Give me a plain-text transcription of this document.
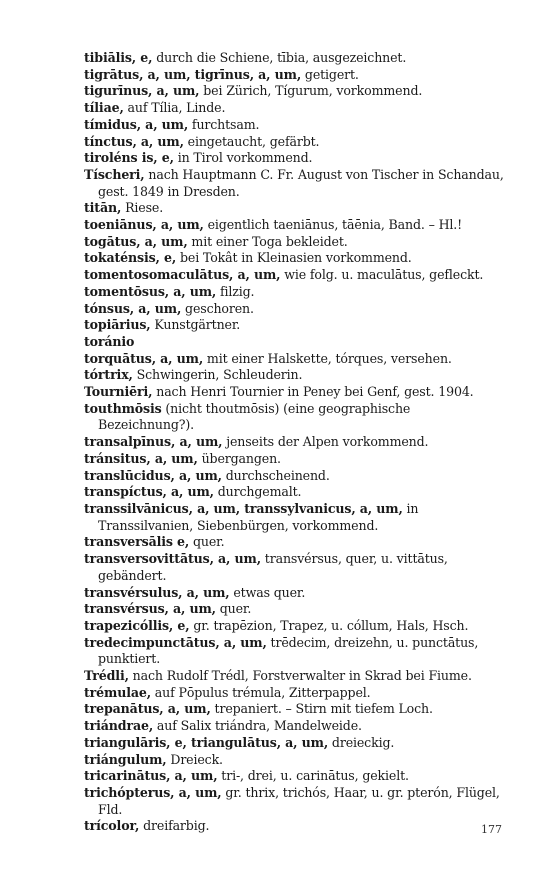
tibiālis, e, durch die Schiene, tībia, ausgezeichnet.

tigrātus, a, um, tigrīnus, a, um, getigert.

tigurīnus, a, um, bei Zürich, Tígurum, vorkommend.

tíliae, auf Tília, Linde.

tímidus, a, um, furchtsam.

tínctus, a, um, eingetaucht, gefärbt.

tiroléns is, e, in Tirol vorkommend.

Tíscheri, nach Hauptmann C. Fr. August von Tischer in Schandau, gest. 1849 in Dresden.

titān, Riese.

toeniānus, a, um, eigentlich taeniānus, tāēnia, Band. – Hl.!

togātus, a, um, mit einer Toga bekleidet.

tokaténsis, e, bei Tokât in Kleinasien vorkommend.

tomentosomaculātus, a, um, wie folg. u. maculātus, gefleckt.

tomentōsus, a, um, filzig.

tónsus, a, um, geschoren.

topiārius, Kunstgärtner.

toránio

torquātus, a, um, mit einer Halskette, tórques, versehen.

tórtrix, Schwingerin, Schleuderin.

Tourniēri, nach Henri Tournier in Peney bei Genf, gest. 1904.

touthmōsis (nicht thoutmōsis) (eine geographische Bezeichnung?).

transalpīnus, a, um, jenseits der Alpen vorkommend.

tránsitus, a, um, übergangen.

translūcidus, a, um, durchscheinend.

transpíctus, a, um, durchgemalt.

transsilvānicus, a, um, transsylvanicus, a, um, in Transsilvanien, Siebenbürgen, vorkommend.

transversālis e, quer.

transversovittātus, a, um, transvérsus, quer, u. vittātus, gebändert.

transvérsulus, a, um, etwas quer.

transvérsus, a, um, quer.

trapezicóllis, e, gr. trapēzion, Trapez, u. cóllum, Hals, Hsch.

tredecimpunctātus, a, um, trēdecim, dreizehn, u. punctātus, punktiert.

Trédli, nach Rudolf Trédl, Forstverwalter in Skrad bei Fiume.

trémulae, auf Pōpulus trémula, Zitterpappel.

trepanātus, a, um, trepaniert. – Stirn mit tiefem Loch.

triándrae, auf Salix triándra, Mandelweide.

triangulāris, e, triangulātus, a, um, dreieckig.

triángulum, Dreieck.

tricarinātus, a, um, tri-, drei, u. carinātus, gekielt.

trichópterus, a, um, gr. thrix, trichós, Haar, u. gr. pterón, Flügel, Fld.

trícolor, dreifarbig.	177
